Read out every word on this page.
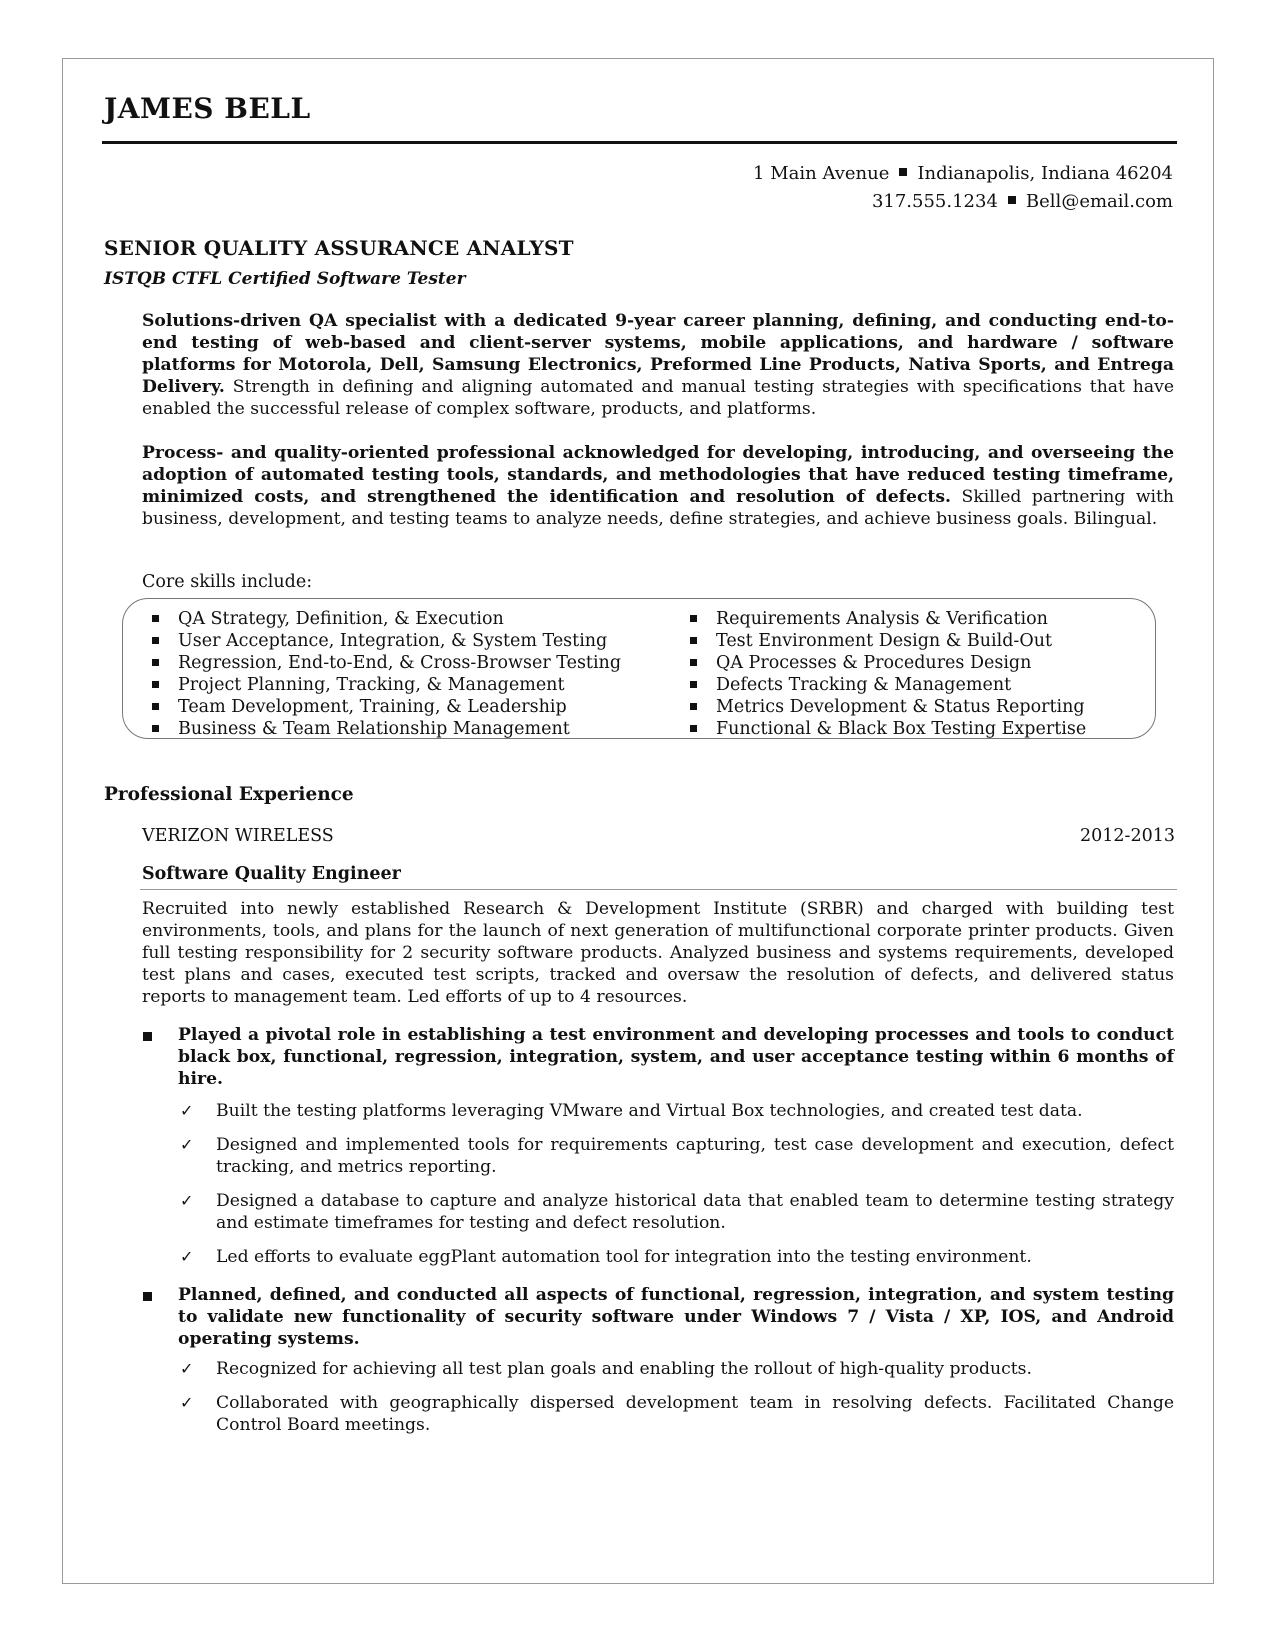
JAMES BELL
1 Main Avenue Indianapolis, Indiana 46204
317.555.1234 Bell@email.com
SENIOR QUALITY ASSURANCE ANALYST

ISTQB CTFL Certified Software Tester

Solutions-driven QA specialist with a dedicated 9-year career planning, defining, and conducting end-to-end testing of web-based and client-server systems, mobile applications, and hardware / software platforms for Motorola, Dell, Samsung Electronics, Preformed Line Products, Nativa Sports, and Entrega Delivery. Strength in defining and aligning automated and manual testing strategies with specifications that have enabled the successful release of complex software, products, and platforms.

Process- and quality-oriented professional acknowledged for developing, introducing, and overseeing the adoption of automated testing tools, standards, and methodologies that have reduced testing timeframe, minimized costs, and strengthened the identification and resolution of defects. Skilled partnering with business, development, and testing teams to analyze needs, define strategies, and achieve business goals. Bilingual.

Core skills include:

QA Strategy, Definition, & Execution
User Acceptance, Integration, & System Testing
Regression, End-to-End, & Cross-Browser Testing
Project Planning, Tracking, & Management
Team Development, Training, & Leadership
Business & Team Relationship Management
Requirements Analysis & Verification
Test Environment Design & Build-Out
QA Processes & Procedures Design
Defects Tracking & Management
Metrics Development & Status Reporting
Functional & Black Box Testing Expertise
Professional Experience

VERIZON WIRELESS	2012-2013

Software Quality Engineer

Recruited into newly established Research & Development Institute (SRBR) and charged with building test environments, tools, and plans for the launch of next generation of multifunctional corporate printer products. Given full testing responsibility for 2 security software products. Analyzed business and systems requirements, developed test plans and cases, executed test scripts, tracked and oversaw the resolution of defects, and delivered status reports to management team. Led efforts of up to 4 resources.

Played a pivotal role in establishing a test environment and developing processes and tools to conduct black box, functional, regression, integration, system, and user acceptance testing within 6 months of hire.

✓ Built the testing platforms leveraging VMware and Virtual Box technologies, and created test data.

✓ Designed and implemented tools for requirements capturing, test case development and execution, defect tracking, and metrics reporting.

✓ Designed a database to capture and analyze historical data that enabled team to determine testing strategy and estimate timeframes for testing and defect resolution.

✓ Led efforts to evaluate eggPlant automation tool for integration into the testing environment.

Planned, defined, and conducted all aspects of functional, regression, integration, and system testing to validate new functionality of security software under Windows 7 / Vista / XP, IOS, and Android operating systems.

✓ Recognized for achieving all test plan goals and enabling the rollout of high-quality products.

✓ Collaborated with geographically dispersed development team in resolving defects. Facilitated Change Control Board meetings.
